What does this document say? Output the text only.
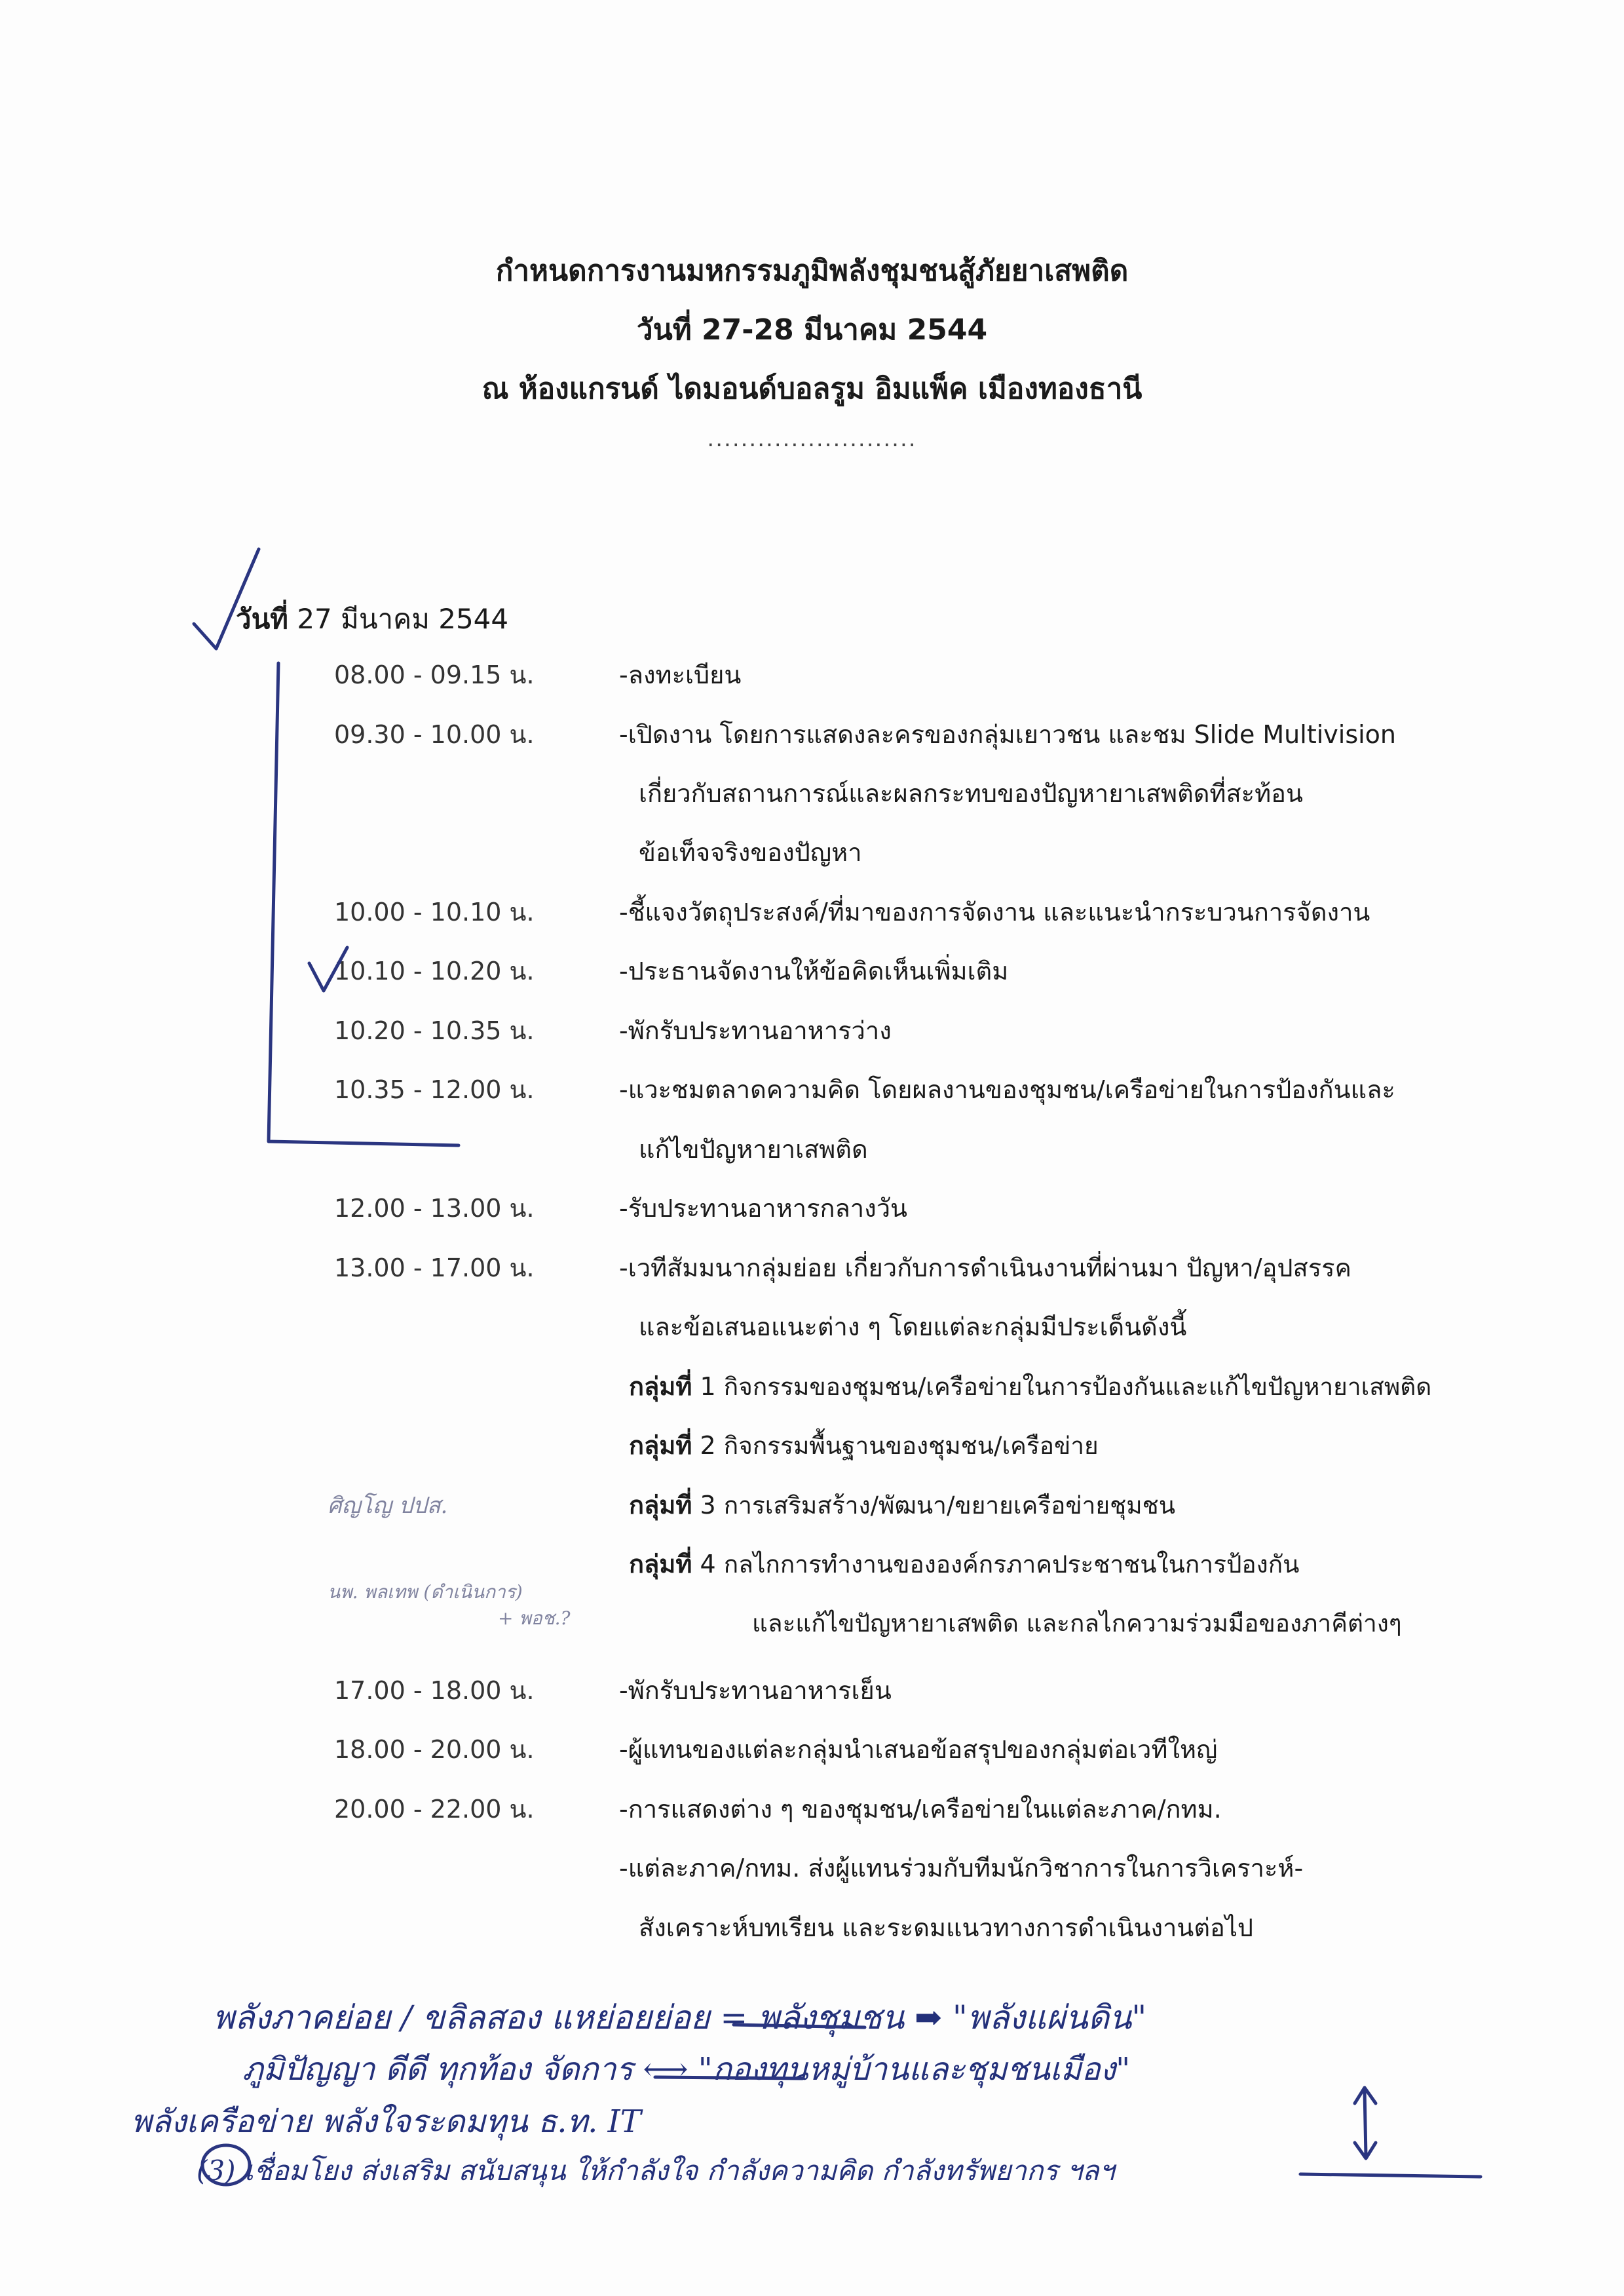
กำหนดการงานมหกรรมภูมิพลังชุมชนสู้ภัยยาเสพติด
วันที่ 27-28 มีนาคม 2544
ณ ห้องแกรนด์ ไดมอนด์บอลรูม อิมแพ็ค เมืองทองธานี
.........................
วันที่ 27 มีนาคม 2544
08.00 - 09.15 น.	-ลงทะเบียน
09.30 - 10.00 น.	-เปิดงาน โดยการแสดงละครของกลุ่มเยาวชน และชม Slide Multivision
เกี่ยวกับสถานการณ์และผลกระทบของปัญหายาเสพติดที่สะท้อน
ข้อเท็จจริงของปัญหา
10.00 - 10.10 น.	-ชี้แจงวัตถุประสงค์/ที่มาของการจัดงาน และแนะนำกระบวนการจัดงาน
10.10 - 10.20 น.	-ประธานจัดงานให้ข้อคิดเห็นเพิ่มเติม
10.20 - 10.35 น.	-พักรับประทานอาหารว่าง
10.35 - 12.00 น.	-แวะชมตลาดความคิด โดยผลงานของชุมชน/เครือข่ายในการป้องกันและ
แก้ไขปัญหายาเสพติด
12.00 - 13.00 น.	-รับประทานอาหารกลางวัน
13.00 - 17.00 น.	-เวทีสัมมนากลุ่มย่อย เกี่ยวกับการดำเนินงานที่ผ่านมา ปัญหา/อุปสรรค
และข้อเสนอแนะต่าง ๆ โดยแต่ละกลุ่มมีประเด็นดังนี้
กลุ่มที่ 1 กิจกรรมของชุมชน/เครือข่ายในการป้องกันและแก้ไขปัญหายาเสพติด
กลุ่มที่ 2 กิจกรรมพื้นฐานของชุมชน/เครือข่าย
กลุ่มที่ 3 การเสริมสร้าง/พัฒนา/ขยายเครือข่ายชุมชน
กลุ่มที่ 4 กลไกการทำงานขององค์กรภาคประชาชนในการป้องกัน
และแก้ไขปัญหายาเสพติด และกลไกความร่วมมือของภาคีต่างๆ
17.00 - 18.00 น.	-พักรับประทานอาหารเย็น
18.00 - 20.00 น.	-ผู้แทนของแต่ละกลุ่มนำเสนอข้อสรุปของกลุ่มต่อเวทีใหญ่
20.00 - 22.00 น.	-การแสดงต่าง ๆ ของชุมชน/เครือข่ายในแต่ละภาค/กทม.
-แต่ละภาค/กทม. ส่งผู้แทนร่วมกับทีมนักวิชาการในการวิเคราะห์-
สังเคราะห์บทเรียน และระดมแนวทางการดำเนินงานต่อไป
ศิญโญ ปปส.
นพ. พลเทพ (ดำเนินการ)
+ พอช.?
พลังภาคย่อย / ขลิลสอง แหย่อยย่อย = พลังชุมชน ➡ "พลังแผ่นดิน"
ภูมิปัญญา ดีดี ทุกท้อง จัดการ ⟷ "กองทุนหมู่บ้านและชุมชนเมือง"
พลังเครือข่าย พลังใจระดมทุน ธ.ท. IT
(3) เชื่อมโยง ส่งเสริม สนับสนุน ให้กำลังใจ กำลังความคิด กำลังทรัพยากร ฯลฯ
